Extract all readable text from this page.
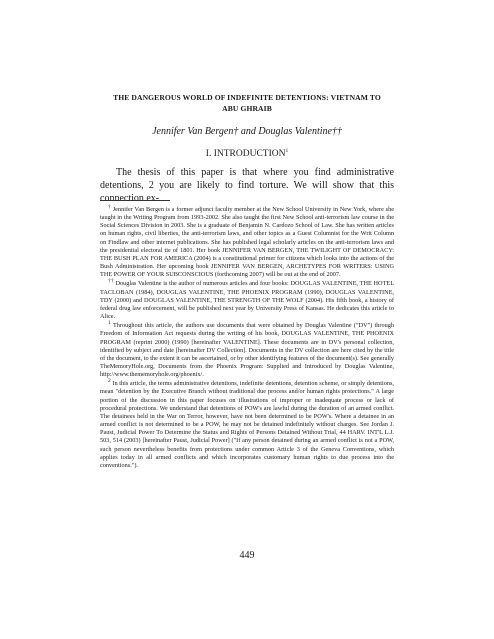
THE DANGEROUS WORLD OF INDEFINITE DETENTIONS: VIETNAM TO
ABU GHRAIB
Jennifer Van Bergen† and Douglas Valentine††
I. INTRODUCTION$^1$

The thesis of this paper is that where you find administrative detentions, 2 you are likely to find torture. We will show that this connection ex-

† Jennifer Van Bergen is a former adjunct faculty member at the New School University in New York, where she taught in the Writing Program from 1993-2002. She also taught the first New School anti-terrorism law course in the Social Sciences Division in 2003. She is a graduate of Benjamin N. Cardozo School of Law. She has written articles on human rights, civil liberties, the anti-terrorism laws, and other topics as a Guest Columnist for the Writ Column on Findlaw and other internet publications. She has published legal scholarly articles on the anti-terrorism laws and the presidential electoral tie of 1801. Her book JENNIFER VAN BERGEN, THE TWILIGHT OF DEMOCRACY: THE BUSH PLAN FOR AMERICA (2004) is a constitutional primer for citizens which looks into the actions of the Bush Administration. Her upcoming book JENNIFER VAN BERGEN, ARCHETYPES FOR WRITERS: USING THE POWER OF YOUR SUBCONSCIOUS (forthcoming 2007) will be out at the end of 2007.

†† Douglas Valentine is the author of numerous articles and four books: DOUGLAS VALENTINE, THE HOTEL TACLOBAN (1984), DOUGLAS VALENTINE, THE PHOENIX PROGRAM (1990), DOUGLAS VALENTINE, TDY (2000) and DOUGLAS VALENTINE, THE STRENGTH OF THE WOLF (2004). His fifth book, a history of federal drug law enforcement, will be published next year by University Press of Kansas. He dedicates this article to Alice.

$^1$ Throughout this article, the authors use documents that were obtained by Douglas Valentine ("DV") through Freedom of Information Act requests during the writing of his book, DOUGLAS VALENTINE, THE PHOENIX PROGRAM (reprint 2000) (1990) [hereinafter VALENTINE]. These documents are in DV's personal collection, identified by subject and date [hereinafter DV Collection]. Documents in the DV collection are here cited by the title of the document, to the extent it can be ascertained, or by other identifying features of the document(s). See generally TheMemoryHole.org, Documents from the Phoenix Program: Supplied and Introduced by Douglas Valentine, http://www.thememoryhole.org/phoenix/.

$^2$ In this article, the terms administrative detentions, indefinite detentions, detention scheme, or simply detentions, mean "detention by the Executive Branch without traditional due process and/or human rights protections." A large portion of the discussion in this paper focuses on illustrations of improper or inadequate process or lack of procedural protections. We understand that detentions of POW's are lawful during the duration of an armed conflict. The detainees held in the War on Terror, however, have not been determined to be POW's. Where a detainee in an armed conflict is not determined to be a POW, he may not be detained indefinitely without charges. See Jordan J. Paust, Judicial Power To Determine the Status and Rights of Persons Detained Without Trial, 44 HARV. INT'L L.J. 503, 514 (2003) [hereinafter Paust, Judicial Power] ("If any person detained during an armed conflict is not a POW, such person nevertheless benefits from protections under common Article 3 of the Geneva Conventions, which applies today in all armed conflicts and which incorporates customary human rights to due process into the conventions.").

449
